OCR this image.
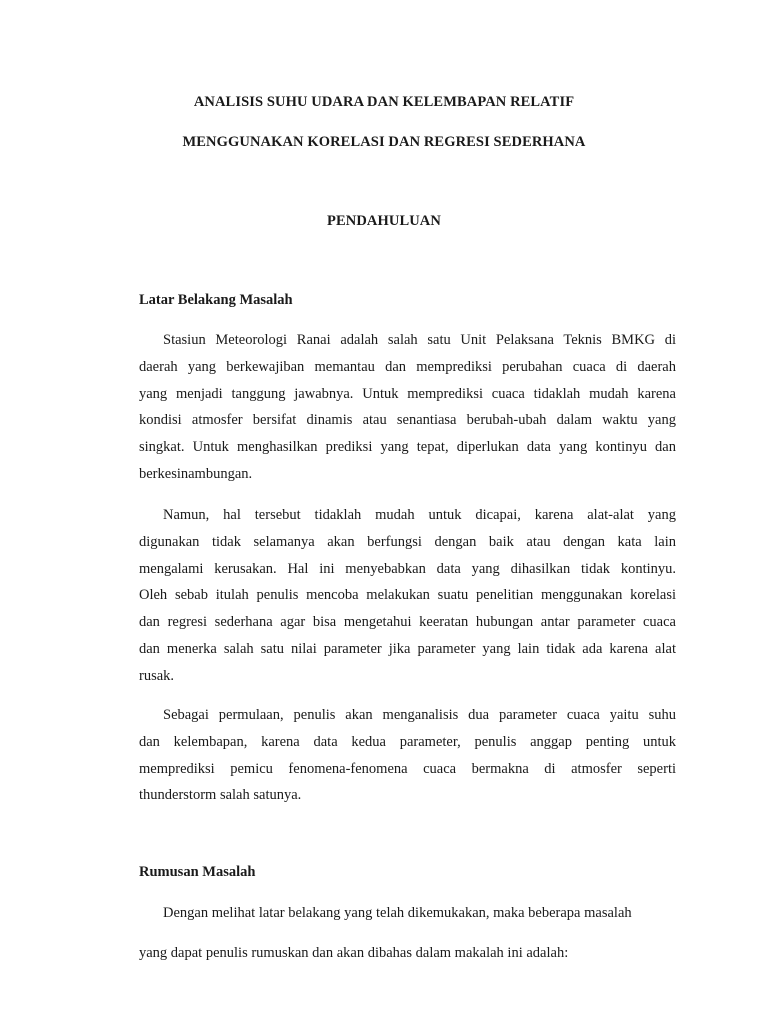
ANALISIS SUHU UDARA DAN KELEMBAPAN RELATIF
MENGGUNAKAN KORELASI DAN REGRESI SEDERHANA
PENDAHULUAN
Latar Belakang Masalah
Stasiun Meteorologi Ranai adalah salah satu Unit Pelaksana Teknis BMKG di
daerah yang berkewajiban memantau dan memprediksi perubahan cuaca di daerah
yang menjadi tanggung jawabnya. Untuk memprediksi cuaca tidaklah mudah karena
kondisi atmosfer bersifat dinamis atau senantiasa berubah-ubah dalam waktu yang
singkat. Untuk menghasilkan prediksi yang tepat, diperlukan data yang kontinyu dan
berkesinambungan.
Namun, hal tersebut tidaklah mudah untuk dicapai, karena alat-alat yang
digunakan tidak selamanya akan berfungsi dengan baik atau dengan kata lain
mengalami kerusakan. Hal ini menyebabkan data yang dihasilkan tidak kontinyu.
Oleh sebab itulah penulis mencoba melakukan suatu penelitian menggunakan korelasi
dan regresi sederhana agar bisa mengetahui keeratan hubungan antar parameter cuaca
dan menerka salah satu nilai parameter jika parameter yang lain tidak ada karena alat
rusak.
Sebagai permulaan, penulis akan menganalisis dua parameter cuaca yaitu suhu
dan kelembapan, karena data kedua parameter, penulis anggap penting untuk
memprediksi pemicu fenomena-fenomena cuaca bermakna di atmosfer seperti
thunderstorm salah satunya.
Rumusan Masalah

Dengan melihat latar belakang yang telah dikemukakan, maka beberapa masalah

yang dapat penulis rumuskan dan akan dibahas dalam makalah ini adalah:
